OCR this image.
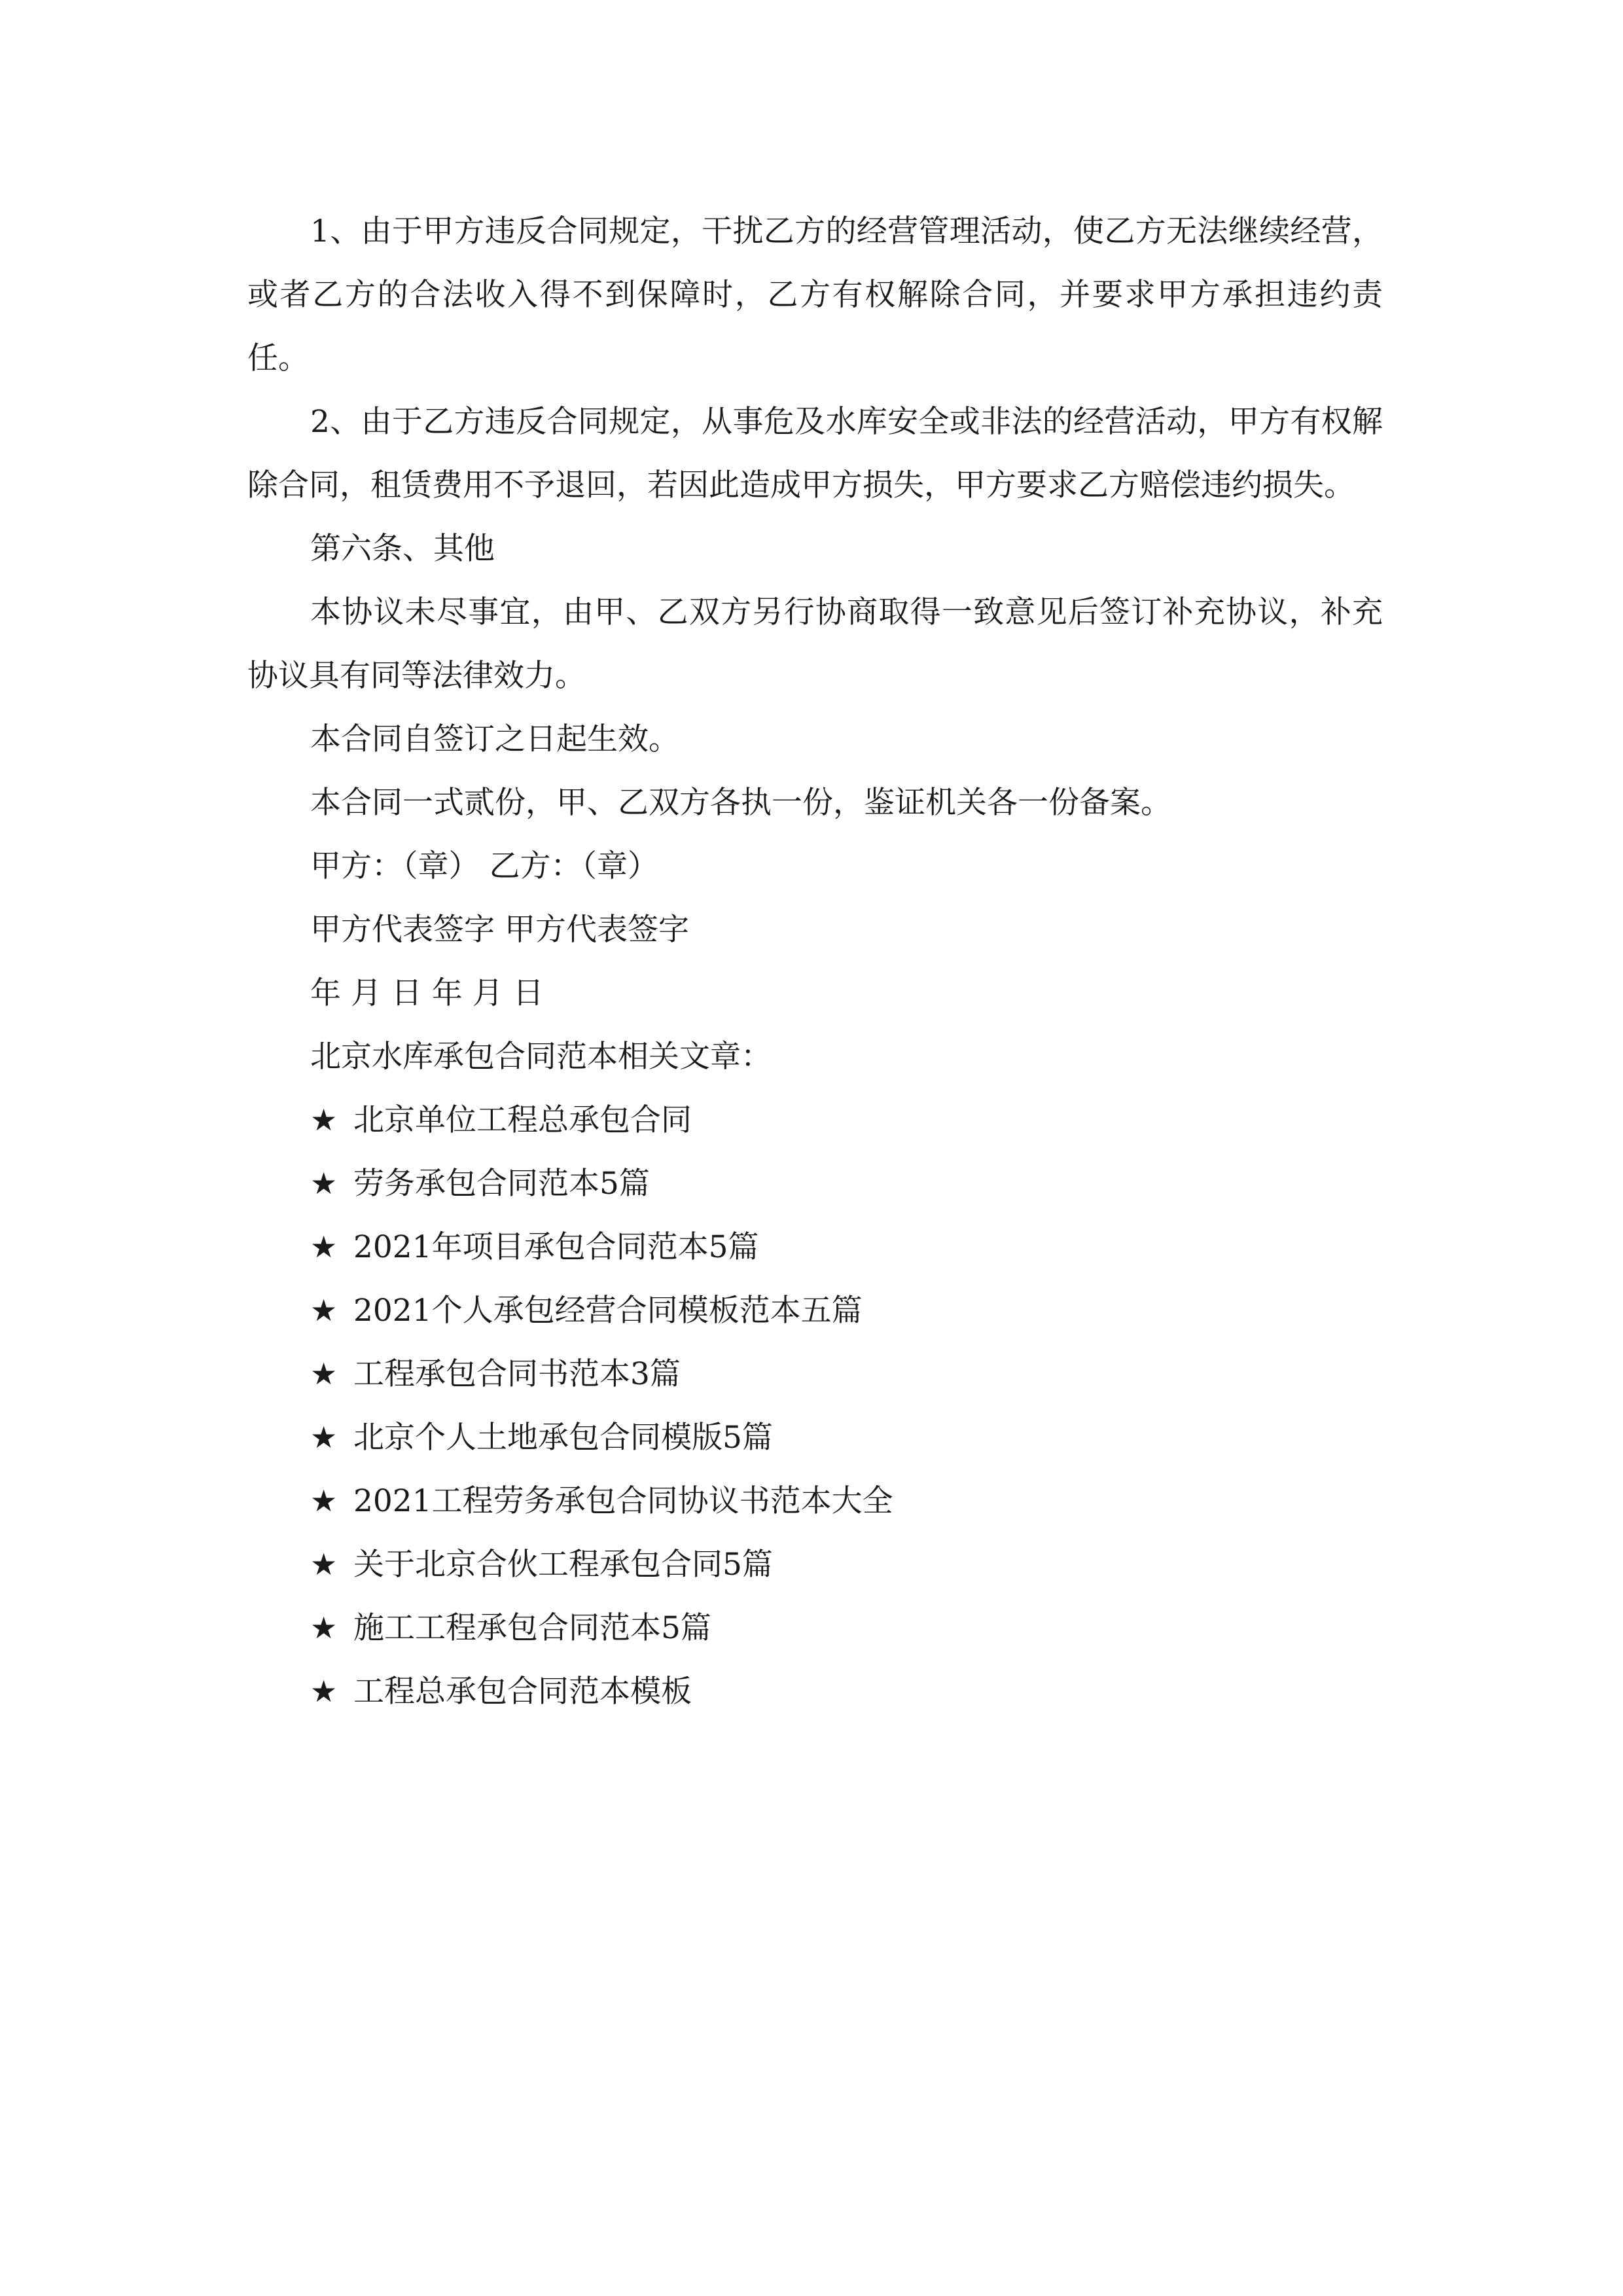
1、由于甲方违反合同规定，干扰乙方的经营管理活动，使乙方无法继续经营，或者乙方的合法收入得不到保障时，乙方有权解除合同，并要求甲方承担违约责任。

2、由于乙方违反合同规定，从事危及水库安全或非法的经营活动，甲方有权解除合同，租赁费用不予退回，若因此造成甲方损失，甲方要求乙方赔偿违约损失。

第六条、其他

本协议未尽事宜，由甲、乙双方另行协商取得一致意见后签订补充协议，补充协议具有同等法律效力。

本合同自签订之日起生效。

本合同一式贰份，甲、乙双方各执一份，鉴证机关各一份备案。

甲方：（章） 乙方：（章）

甲方代表签字 甲方代表签字

年 月 日 年 月 日

北京水库承包合同范本相关文章：

★ 北京单位工程总承包合同
★ 劳务承包合同范本5篇
★ 2021年项目承包合同范本5篇
★ 2021个人承包经营合同模板范本五篇
★ 工程承包合同书范本3篇
★ 北京个人土地承包合同模版5篇
★ 2021工程劳务承包合同协议书范本大全
★ 关于北京合伙工程承包合同5篇
★ 施工工程承包合同范本5篇
★ 工程总承包合同范本模板
